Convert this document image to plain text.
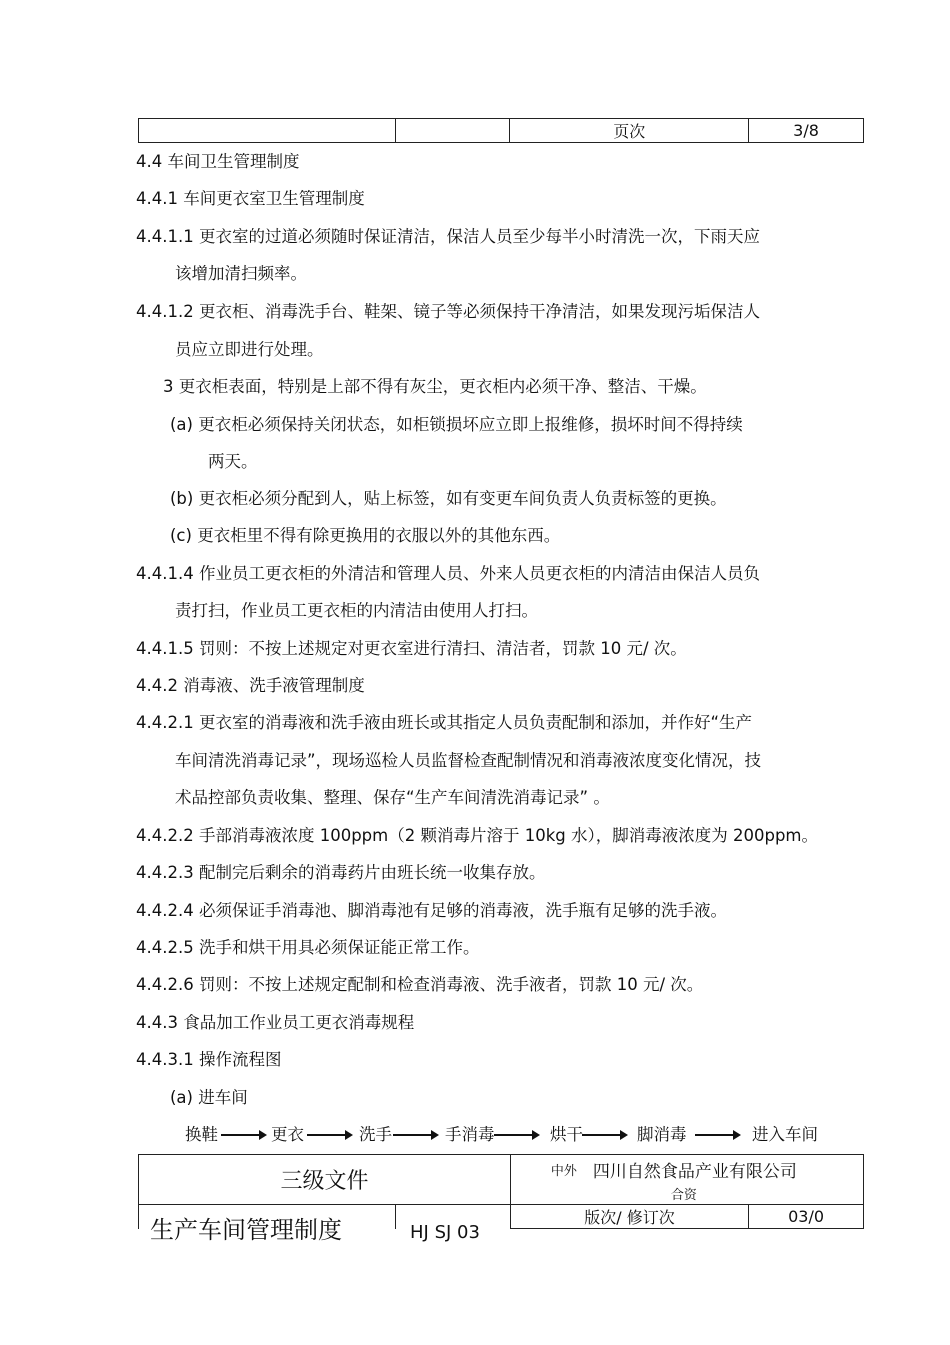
		页次	3/8
4.4 车间卫生管理制度
4.4.1 车间更衣室卫生管理制度
4.4.1.1 更衣室的过道必须随时保证清洁，保洁人员至少每半小时清洗一次，下雨天应
该增加清扫频率。
4.4.1.2 更衣柜、消毒洗手台、鞋架、镜子等必须保持干净清洁，如果发现污垢保洁人
员应立即进行处理。
3 更衣柜表面，特别是上部不得有灰尘，更衣柜内必须干净、整洁、干燥。
(a) 更衣柜必须保持关闭状态，如柜锁损坏应立即上报维修，损坏时间不得持续
两天。
(b) 更衣柜必须分配到人，贴上标签，如有变更车间负责人负责标签的更换。
(c) 更衣柜里不得有除更换用的衣服以外的其他东西。
4.4.1.4 作业员工更衣柜的外清洁和管理人员、外来人员更衣柜的内清洁由保洁人员负
责打扫，作业员工更衣柜的内清洁由使用人打扫。
4.4.1.5 罚则：不按上述规定对更衣室进行清扫、清洁者，罚款 10 元/ 次。
4.4.2 消毒液、洗手液管理制度
4.4.2.1 更衣室的消毒液和洗手液由班长或其指定人员负责配制和添加，并作好“生产
车间清洗消毒记录”，现场巡检人员监督检查配制情况和消毒液浓度变化情况，技
术品控部负责收集、整理、保存“生产车间清洗消毒记录” 。
4.4.2.2 手部消毒液浓度 100ppm（2 颗消毒片溶于 10kg 水），脚消毒液浓度为 200ppm。
4.4.2.3 配制完后剩余的消毒药片由班长统一收集存放。
4.4.2.4 必须保证手消毒池、脚消毒池有足够的消毒液，洗手瓶有足够的洗手液。
4.4.2.5 洗手和烘干用具必须保证能正常工作。
4.4.2.6 罚则：不按上述规定配制和检查消毒液、洗手液者，罚款 10 元/ 次。
4.4.3 食品加工作业员工更衣消毒规程
4.4.3.1 操作流程图
(a) 进车间
换鞋	更衣	洗手	手消毒	烘干	脚消毒	进入车间
三级文件		中外 四川自然食品产业有限公司
合资	

		版次/ 修订次	03/0
生产车间管理制度	HJ SJ 03
